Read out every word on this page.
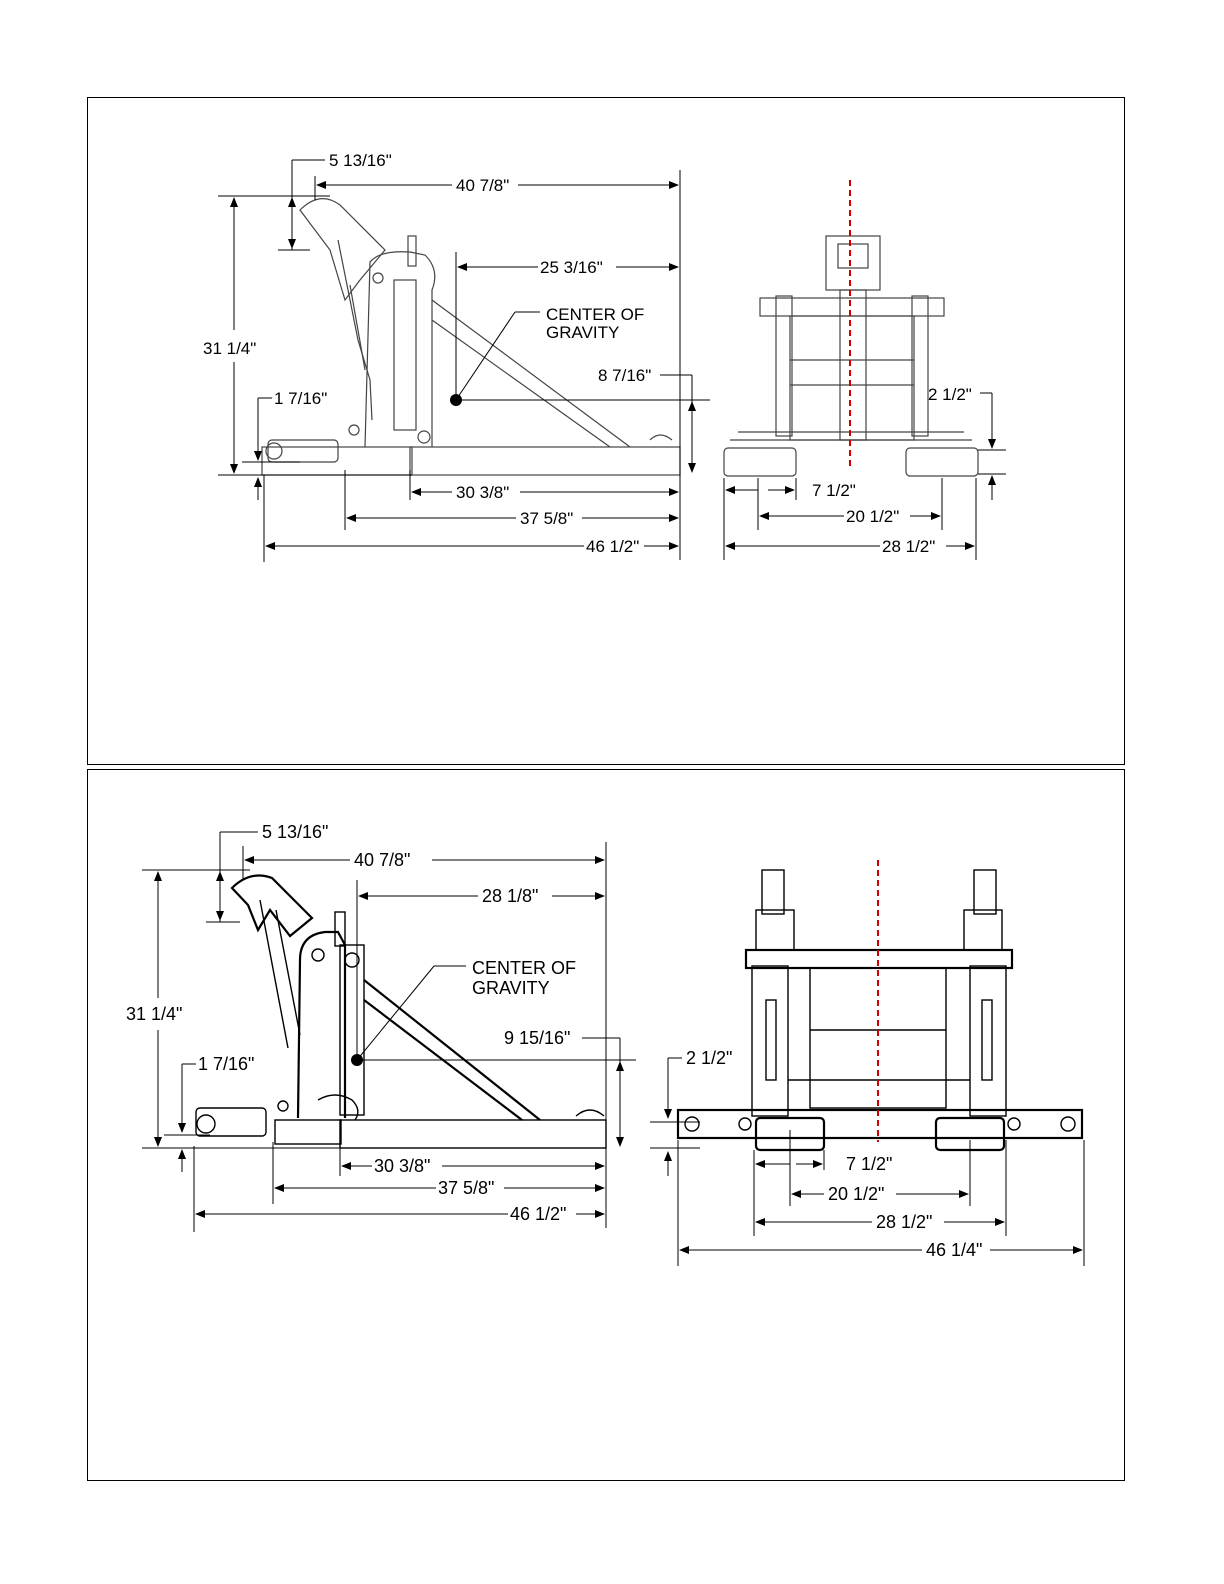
CENTER OF
GRAVITY
5 13/16"
40 7/8"
25 3/16"
31 1/4"
8 7/16"
1 7/16"
30 3/8"
37 5/8"
46 1/2"
2 1/2"
7 1/2"
20 1/2"
28 1/2"
CENTER OF
GRAVITY
5 13/16"
40 7/8"
28 1/8"
31 1/4"
9 15/16"
1 7/16"
30 3/8"
37 5/8"
46 1/2"
2 1/2"
7 1/2"
20 1/2"
28 1/2"
46 1/4"
